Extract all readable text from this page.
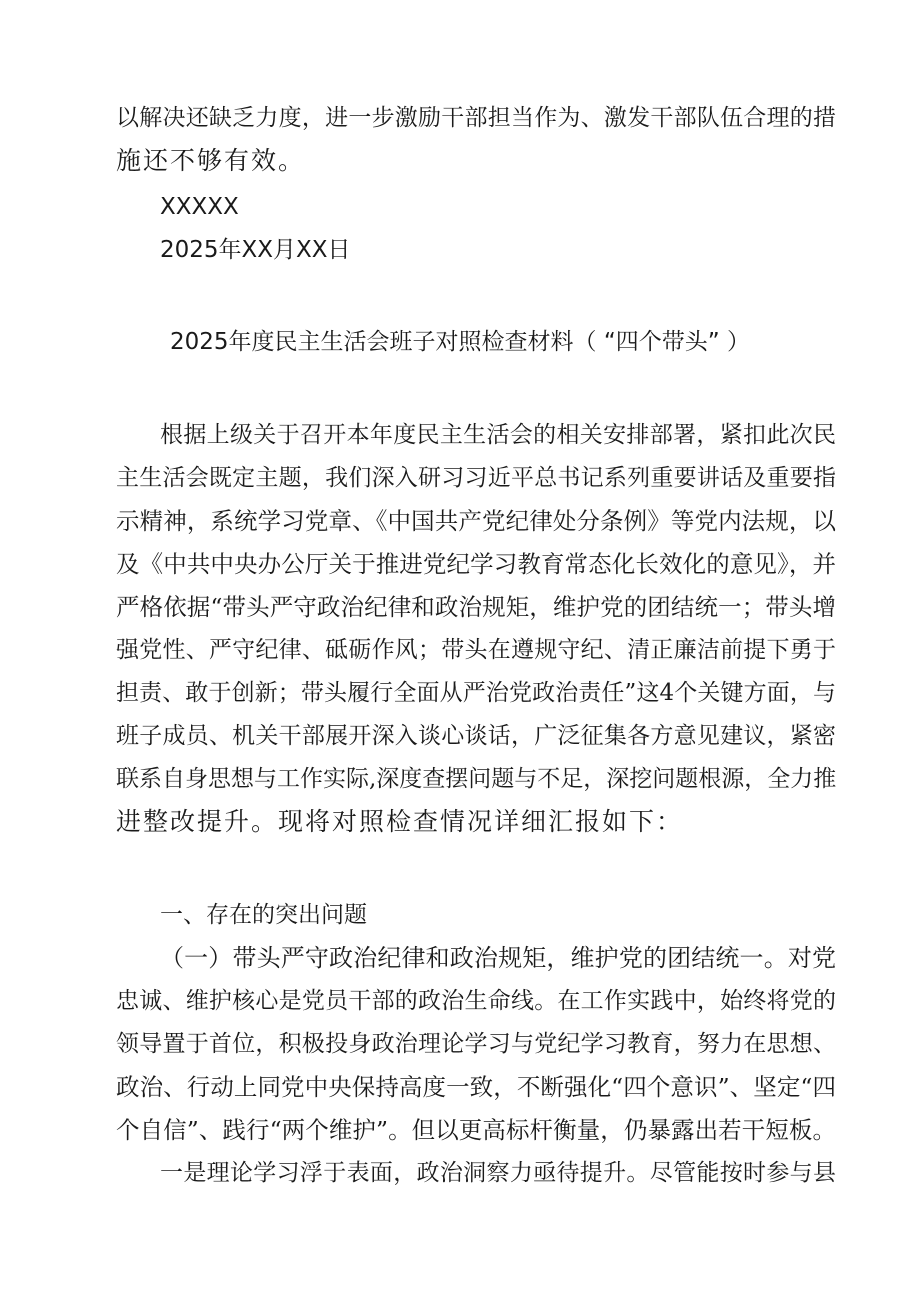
以解决还缺乏力度，进一步激励干部担当作为、激发干部队伍合理的措
施还不够有效。
XXXXX
2025年XX月XX日
2025年度民主生活会班子对照检查材料（ “四个带头” ）
根据上级关于召开本年度民主生活会的相关安排部署，紧扣此次民
主生活会既定主题，我们深入研习习近平总书记系列重要讲话及重要指
示精神，系统学习党章、《中国共产党纪律处分条例》等党内法规，以
及《中共中央办公厅关于推进党纪学习教育常态化长效化的意见》，并
严格依据“带头严守政治纪律和政治规矩，维护党的团结统一；带头增
强党性、严守纪律、砥砺作风；带头在遵规守纪、清正廉洁前提下勇于
担责、敢于创新；带头履行全面从严治党政治责任”这4个关键方面，与
班子成员、机关干部展开深入谈心谈话，广泛征集各方意见建议，紧密
联系自身思想与工作实际,深度查摆问题与不足，深挖问题根源，全力推
进整改提升。现将对照检查情况详细汇报如下：
一、存在的突出问题
（一）带头严守政治纪律和政治规矩，维护党的团结统一。对党
忠诚、维护核心是党员干部的政治生命线。在工作实践中，始终将党的
领导置于首位，积极投身政治理论学习与党纪学习教育，努力在思想、
政治、行动上同党中央保持高度一致，不断强化“四个意识”、坚定“四
个自信”、践行“两个维护”。但以更高标杆衡量，仍暴露出若干短板。
一是理论学习浮于表面，政治洞察力亟待提升。尽管能按时参与县
